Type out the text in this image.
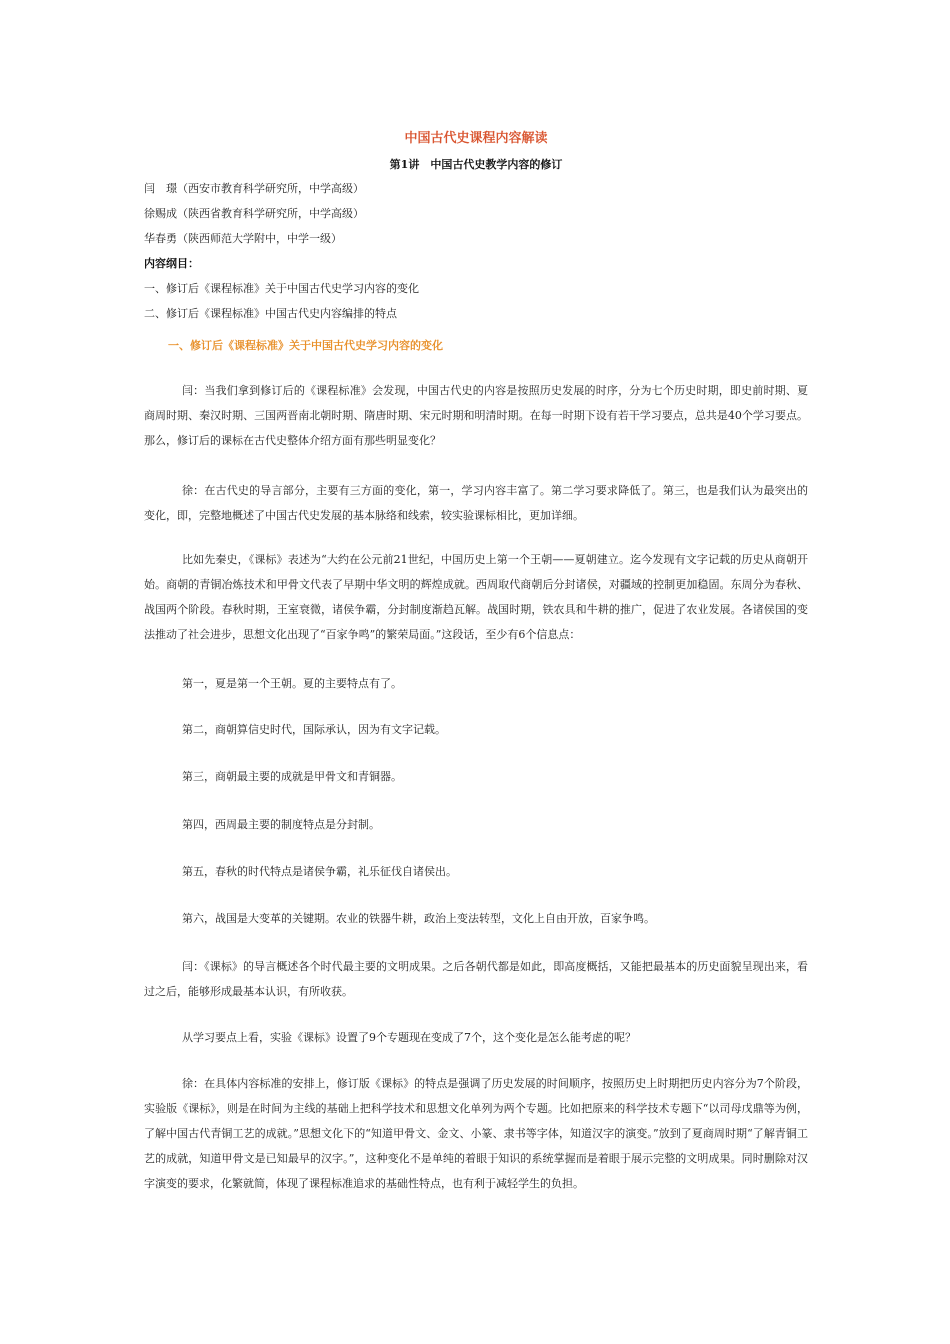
中国古代史课程内容解读
第1讲　中国古代史教学内容的修订
闫　璟（西安市教育科学研究所，中学高级）
徐赐成（陕西省教育科学研究所，中学高级）
华春勇（陕西师范大学附中，中学一级）
内容纲目：
一、修订后《课程标准》关于中国古代史学习内容的变化
二、修订后《课程标准》中国古代史内容编排的特点
一、修订后《课程标准》关于中国古代史学习内容的变化
闫：当我们拿到修订后的《课程标准》会发现，中国古代史的内容是按照历史发展的时序，分为七个历史时期，即史前时期、夏商周时期、秦汉时期、三国两晋南北朝时期、隋唐时期、宋元时期和明清时期。在每一时期下设有若干学习要点，总共是40个学习要点。那么，修订后的课标在古代史整体介绍方面有那些明显变化？
徐：在古代史的导言部分，主要有三方面的变化，第一，学习内容丰富了。第二学习要求降低了。第三，也是我们认为最突出的变化，即，完整地概述了中国古代史发展的基本脉络和线索，较实验课标相比，更加详细。
比如先秦史，《课标》表述为“大约在公元前21世纪，中国历史上第一个王朝——夏朝建立。迄今发现有文字记载的历史从商朝开始。商朝的青铜冶炼技术和甲骨文代表了早期中华文明的辉煌成就。西周取代商朝后分封诸侯，对疆域的控制更加稳固。东周分为春秋、战国两个阶段。春秋时期，王室衰微，诸侯争霸，分封制度渐趋瓦解。战国时期，铁农具和牛耕的推广，促进了农业发展。各诸侯国的变法推动了社会进步，思想文化出现了“百家争鸣”的繁荣局面。”这段话，至少有6个信息点：
第一，夏是第一个王朝。夏的主要特点有了。
第二，商朝算信史时代，国际承认，因为有文字记载。
第三，商朝最主要的成就是甲骨文和青铜器。
第四，西周最主要的制度特点是分封制。
第五，春秋的时代特点是诸侯争霸，礼乐征伐自诸侯出。
第六，战国是大变革的关键期。农业的铁器牛耕，政治上变法转型，文化上自由开放，百家争鸣。
闫：《课标》的导言概述各个时代最主要的文明成果。之后各朝代都是如此，即高度概括，又能把最基本的历史面貌呈现出来，看过之后，能够形成最基本认识，有所收获。
从学习要点上看，实验《课标》设置了9个专题现在变成了7个，这个变化是怎么能考虑的呢？
徐：在具体内容标准的安排上，修订版《课标》的特点是强调了历史发展的时间顺序，按照历史上时期把历史内容分为7个阶段，实验版《课标》，则是在时间为主线的基础上把科学技术和思想文化单列为两个专题。比如把原来的科学技术专题下“以司母戊鼎等为例，了解中国古代青铜工艺的成就。”思想文化下的“知道甲骨文、金文、小篆、隶书等字体，知道汉字的演变。”放到了夏商周时期“了解青铜工艺的成就，知道甲骨文是已知最早的汉字。”，这种变化不是单纯的着眼于知识的系统掌握而是着眼于展示完整的文明成果。同时删除对汉字演变的要求，化繁就简，体现了课程标准追求的基础性特点，也有利于减轻学生的负担。
